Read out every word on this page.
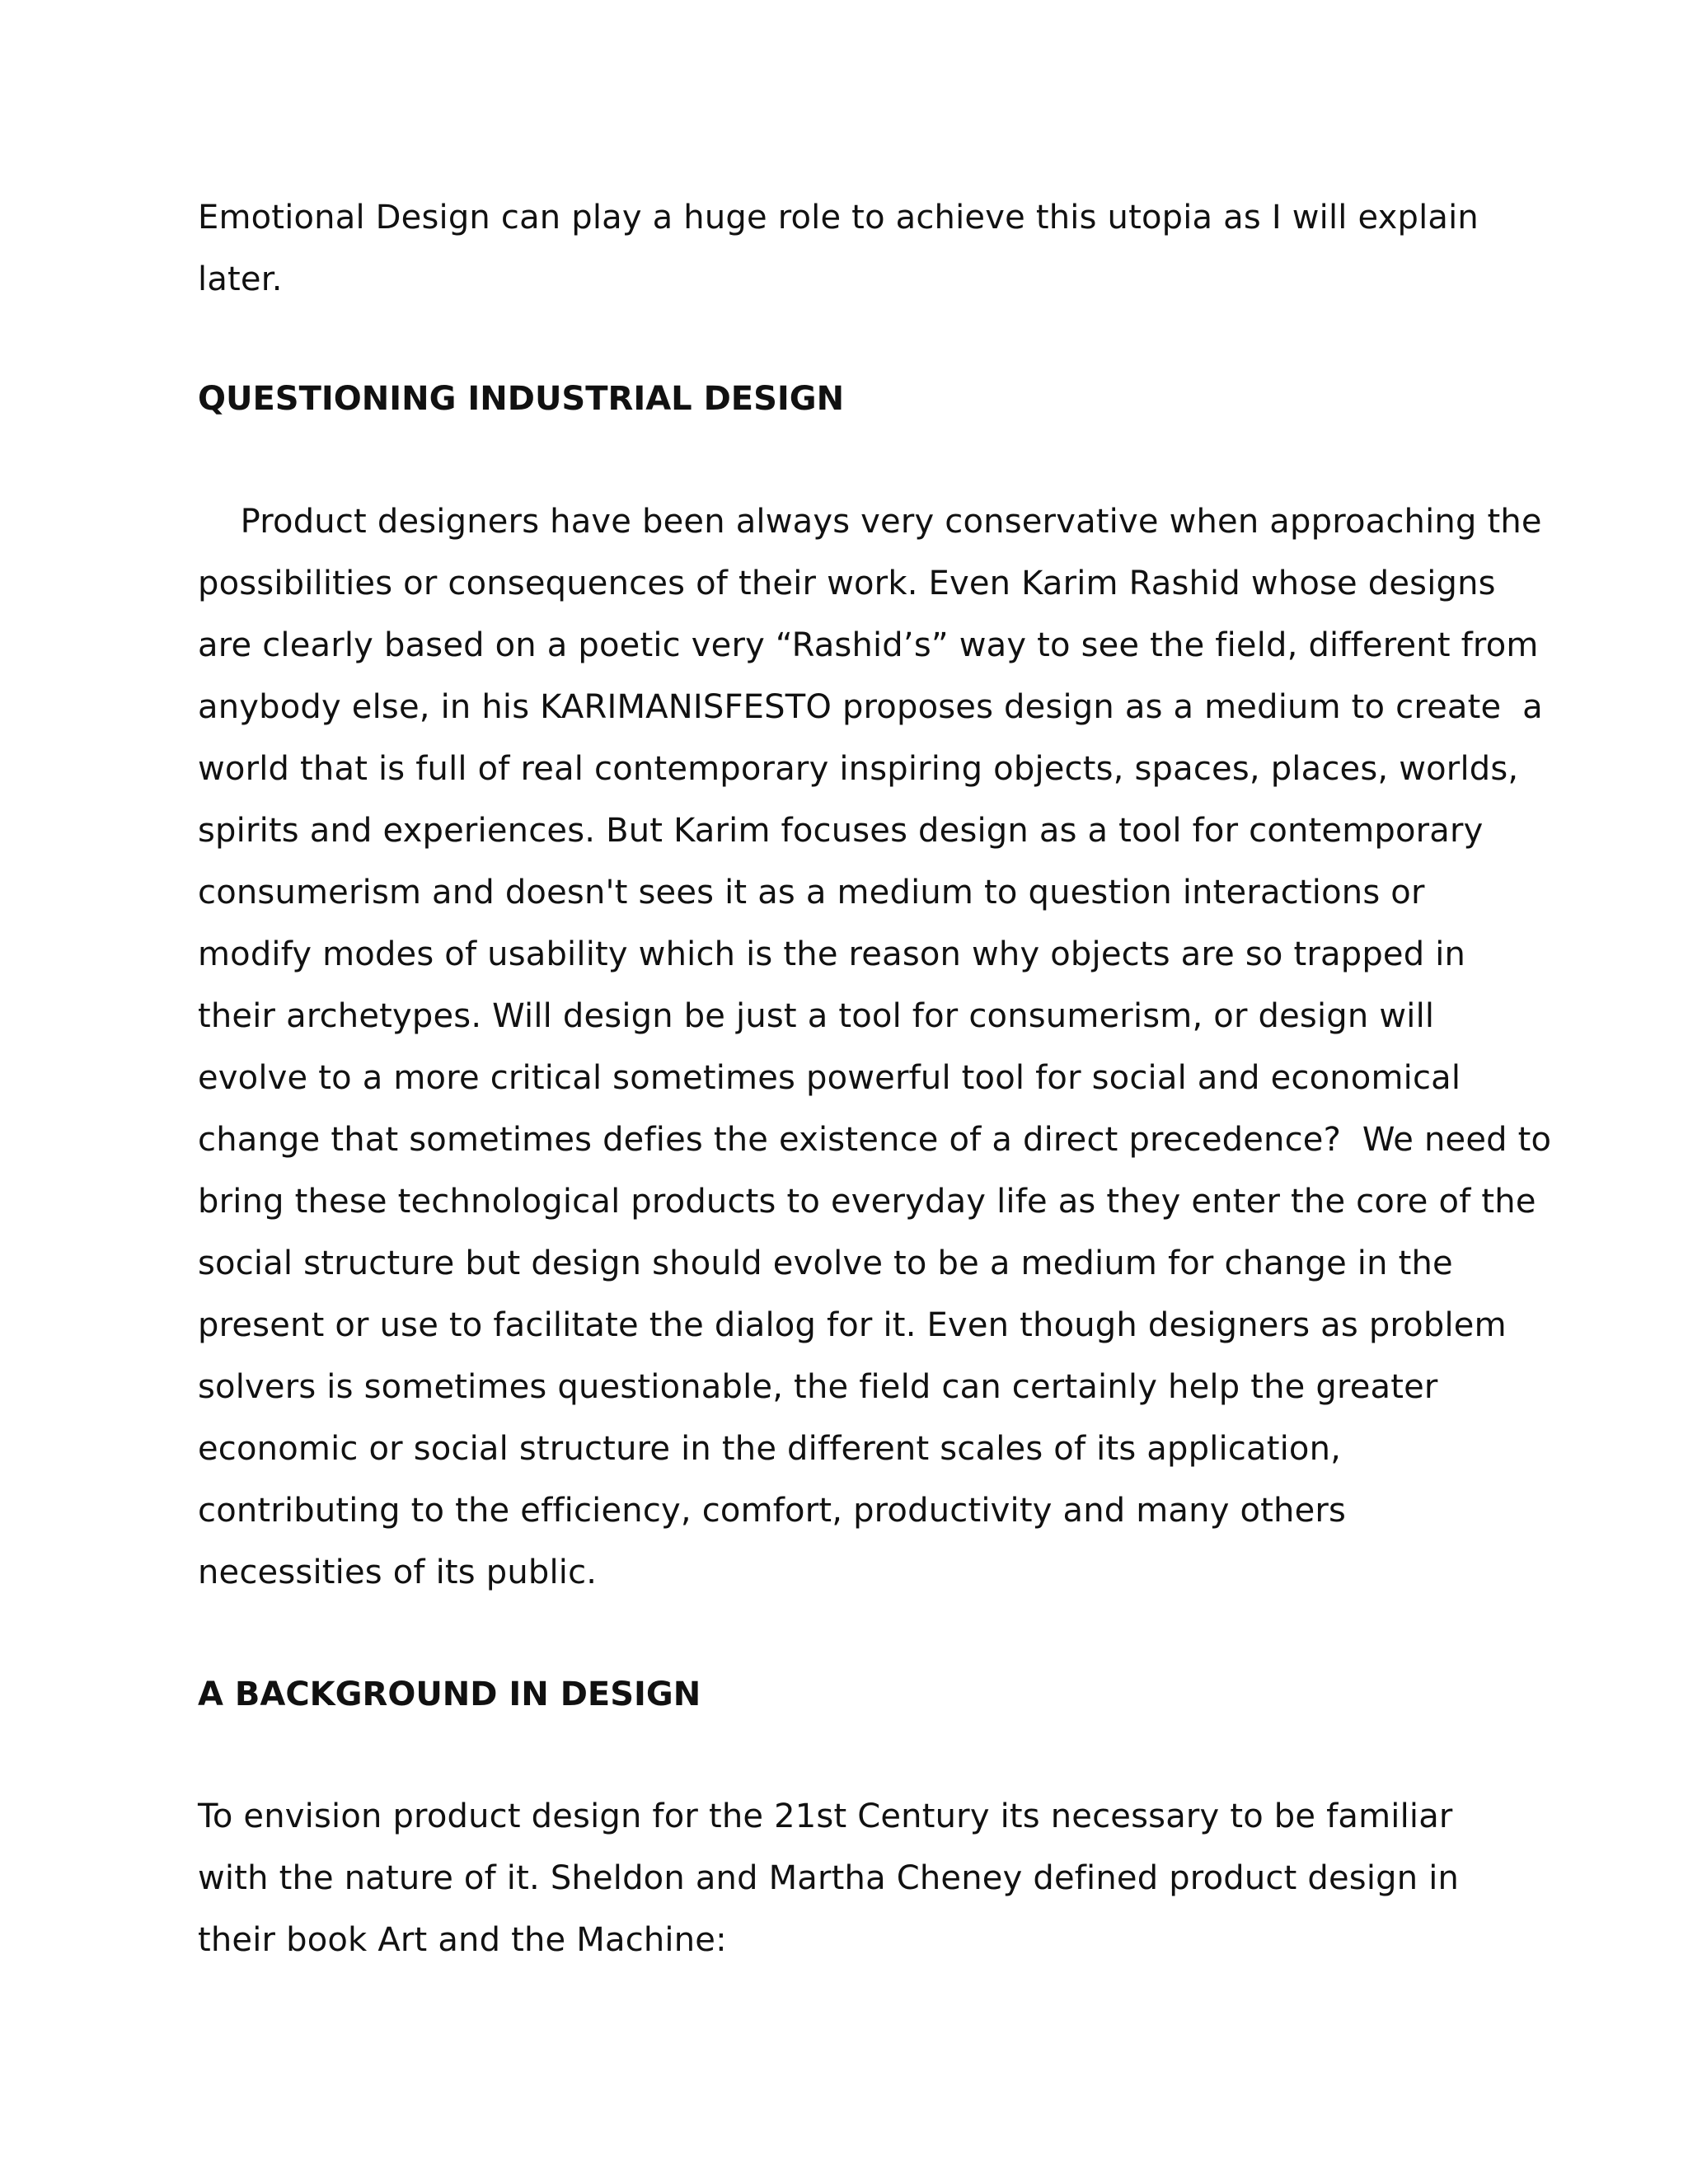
Emotional Design can play a huge role to achieve this utopia as I will explain

later.

QUESTIONING INDUSTRIAL DESIGN

Product designers have been always very conservative when approaching the

possibilities or consequences of their work. Even Karim Rashid whose designs

are clearly based on a poetic very “Rashid’s” way to see the field, different from

anybody else, in his KARIMANISFESTO proposes design as a medium to create  a

world that is full of real contemporary inspiring objects, spaces, places, worlds,

spirits and experiences. But Karim focuses design as a tool for contemporary

consumerism and doesn't sees it as a medium to question interactions or

modify modes of usability which is the reason why objects are so trapped in

their archetypes. Will design be just a tool for consumerism, or design will

evolve to a more critical sometimes powerful tool for social and economical

change that sometimes defies the existence of a direct precedence?  We need to

bring these technological products to everyday life as they enter the core of the

social structure but design should evolve to be a medium for change in the

present or use to facilitate the dialog for it. Even though designers as problem

solvers is sometimes questionable, the field can certainly help the greater

economic or social structure in the different scales of its application,

contributing to the efficiency, comfort, productivity and many others

necessities of its public.

A BACKGROUND IN DESIGN

To envision product design for the 21st Century its necessary to be familiar

with the nature of it. Sheldon and Martha Cheney defined product design in

their book Art and the Machine:
